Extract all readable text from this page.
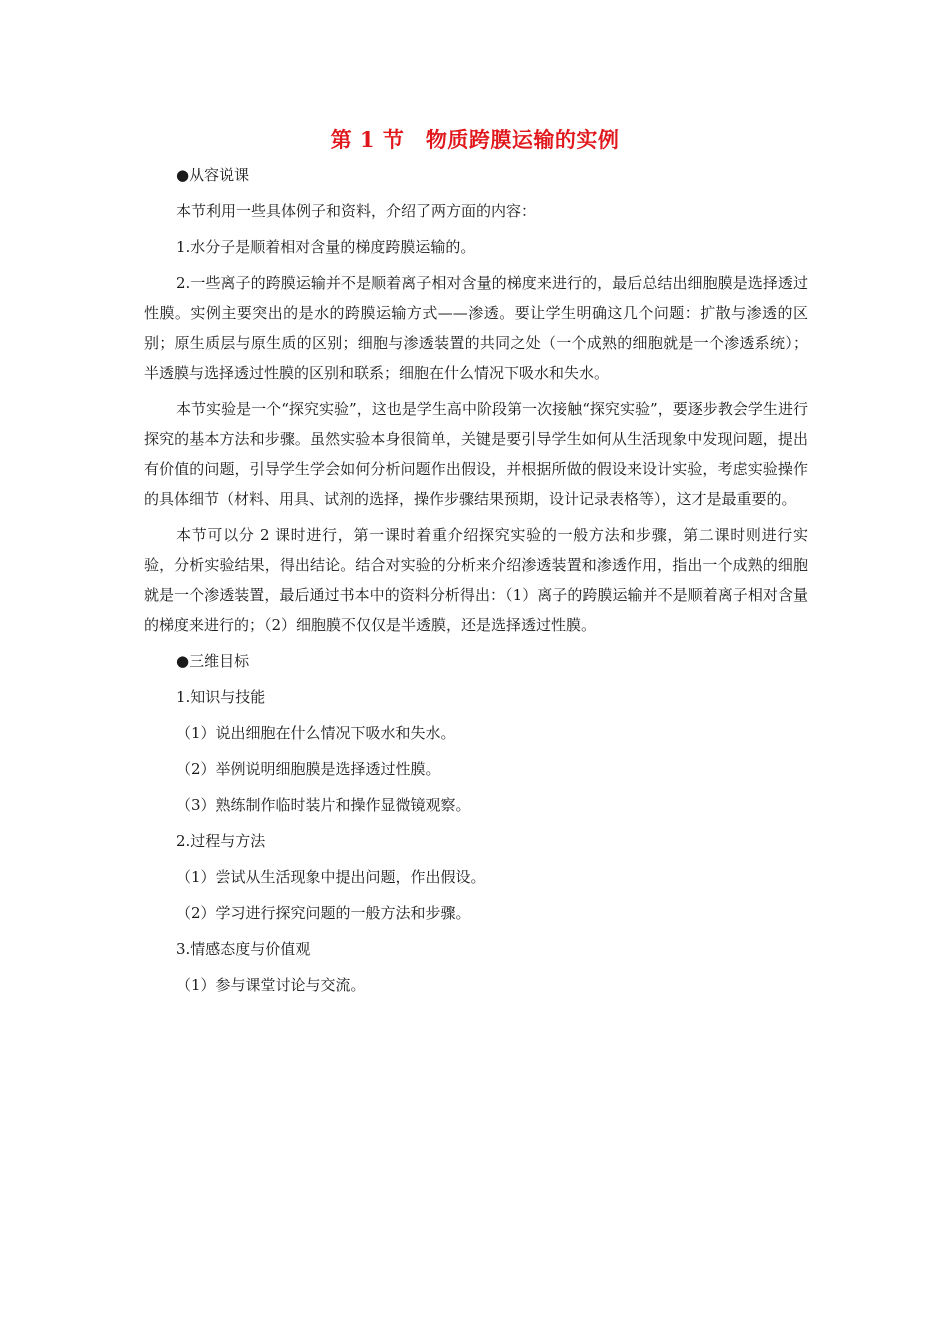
第 1 节　物质跨膜运输的实例

●从容说课

本节利用一些具体例子和资料，介绍了两方面的内容：

1.水分子是顺着相对含量的梯度跨膜运输的。

2.一些离子的跨膜运输并不是顺着离子相对含量的梯度来进行的，最后总结出细胞膜是选择透过性膜。实例主要突出的是水的跨膜运输方式——渗透。要让学生明确这几个问题：扩散与渗透的区别；原生质层与原生质的区别；细胞与渗透装置的共同之处（一个成熟的细胞就是一个渗透系统）；半透膜与选择透过性膜的区别和联系；细胞在什么情况下吸水和失水。

本节实验是一个“探究实验”，这也是学生高中阶段第一次接触“探究实验”，要逐步教会学生进行探究的基本方法和步骤。虽然实验本身很简单，关键是要引导学生如何从生活现象中发现问题，提出有价值的问题，引导学生学会如何分析问题作出假设，并根据所做的假设来设计实验，考虑实验操作的具体细节（材料、用具、试剂的选择，操作步骤结果预期，设计记录表格等），这才是最重要的。

本节可以分 2 课时进行，第一课时着重介绍探究实验的一般方法和步骤，第二课时则进行实验，分析实验结果，得出结论。结合对实验的分析来介绍渗透装置和渗透作用，指出一个成熟的细胞就是一个渗透装置，最后通过书本中的资料分析得出：（1）离子的跨膜运输并不是顺着离子相对含量的梯度来进行的；（2）细胞膜不仅仅是半透膜，还是选择透过性膜。

●三维目标

1.知识与技能

（1）说出细胞在什么情况下吸水和失水。

（2）举例说明细胞膜是选择透过性膜。

（3）熟练制作临时装片和操作显微镜观察。

2.过程与方法

（1）尝试从生活现象中提出问题，作出假设。

（2）学习进行探究问题的一般方法和步骤。

3.情感态度与价值观

（1）参与课堂讨论与交流。
